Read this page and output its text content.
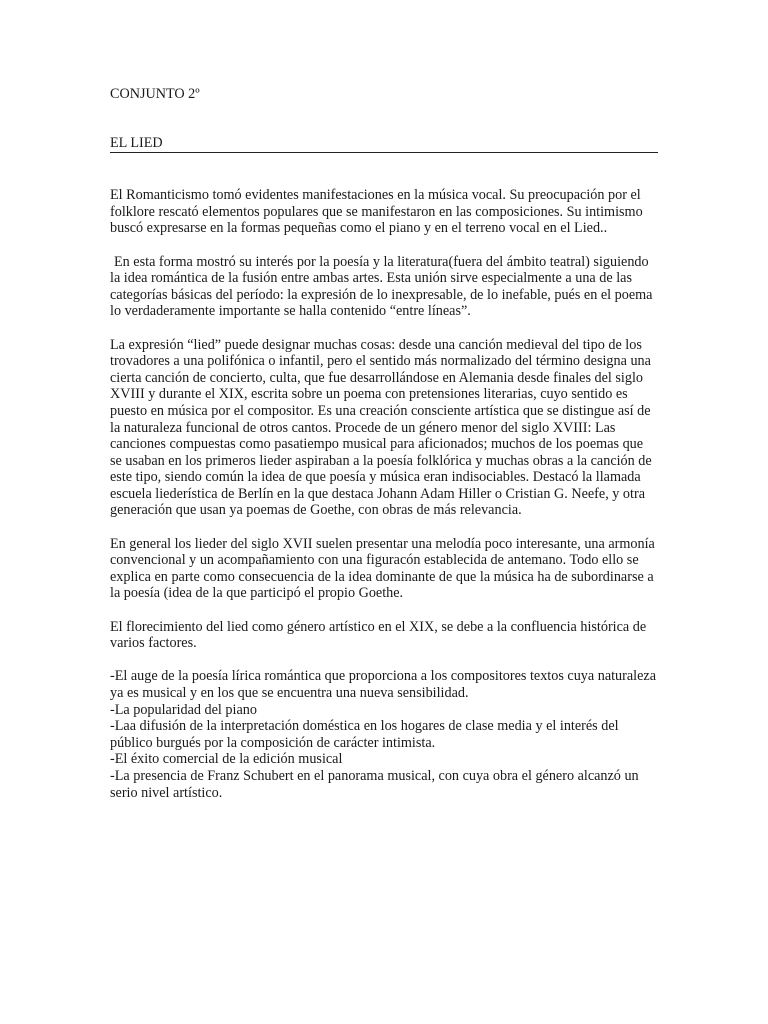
CONJUNTO 2º
EL LIED

El Romanticismo tomó evidentes manifestaciones en la música vocal. Su preocupación por el folklore rescató elementos populares que se manifestaron en las composiciones. Su intimismo buscó expresarse en la formas pequeñas como el piano y en el terreno vocal en el Lied..

En esta forma mostró su interés por la poesía y la literatura(fuera del ámbito teatral) siguiendo la idea romántica de la fusión entre ambas artes. Esta unión sirve especialmente a una de las categorías básicas del período: la expresión de lo inexpresable, de lo inefable, pués en el poema lo verdaderamente importante se halla contenido “entre líneas”.

La expresión “lied” puede designar muchas cosas: desde una canción medieval del tipo de los trovadores a una polifónica o infantil, pero el sentido más normalizado del término designa una cierta canción de concierto, culta, que fue desarrollándose en Alemania desde finales del siglo XVIII y durante el XIX, escrita sobre un poema con pretensiones literarias, cuyo sentido es puesto en música por el compositor. Es una creación consciente artística que se distingue así de la naturaleza funcional de otros cantos. Procede de un género menor del siglo XVIII: Las canciones compuestas como pasatiempo musical para aficionados; muchos de los poemas que se usaban en los primeros lieder aspiraban a la poesía folklórica y muchas obras a la canción de este tipo, siendo común la idea de que poesía y música eran indisociables. Destacó la llamada escuela liederística de Berlín en la que destaca Johann Adam Hiller o Cristian G. Neefe, y otra generación que usan ya poemas de Goethe, con obras de más relevancia.

En general los lieder del siglo XVII suelen presentar una melodía poco interesante, una armonía convencional y un acompañamiento con una figuracón establecida de antemano. Todo ello se explica en parte como consecuencia de la idea dominante de que la música ha de subordinarse a la poesía (idea de la que participó el propio Goethe.

El florecimiento del lied como género artístico en el XIX, se debe a la confluencia histórica de varios factores.

-El auge de la poesía lírica romántica que proporciona a los compositores textos cuya naturaleza ya es musical y en los que se encuentra una nueva sensibilidad.
-La popularidad del piano
-Laa difusión de la interpretación doméstica en los hogares de clase media y el interés del público burgués por la composición de carácter intimista.
-El éxito comercial de la edición musical
-La presencia de Franz Schubert en el panorama musical, con cuya obra el género alcanzó un serio nivel artístico.
